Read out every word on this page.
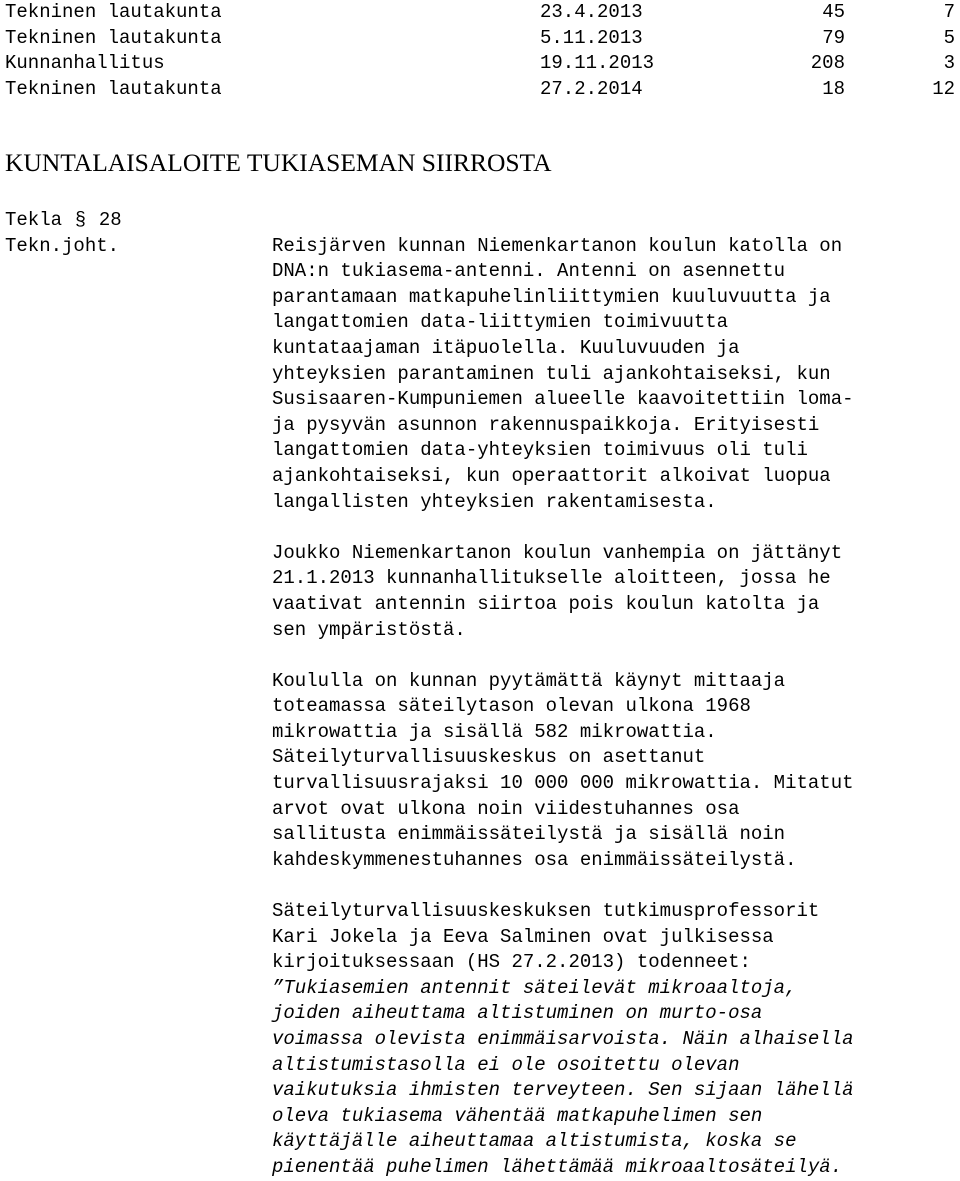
Tekninen lautakunta	23.4.2013	45	7
Tekninen lautakunta	5.11.2013	79	5
Kunnanhallitus	19.11.2013	208	3
Tekninen lautakunta	27.2.2014	18	12
KUNTALAISALOITE TUKIASEMAN SIIRROSTA
Tekla § 28
Tekn.joht.	Reisjärven kunnan Niemenkartanon koulun katolla on
DNA:n tukiasema-antenni. Antenni on asennettu
parantamaan matkapuhelinliittymien kuuluvuutta ja
langattomien data-liittymien toimivuutta
kuntataajaman itäpuolella. Kuuluvuuden ja
yhteyksien parantaminen tuli ajankohtaiseksi, kun
Susisaaren-Kumpuniemen alueelle kaavoitettiin loma-
ja pysyvän asunnon rakennuspaikkoja. Erityisesti
langattomien data-yhteyksien toimivuus oli tuli
ajankohtaiseksi, kun operaattorit alkoivat luopua
langallisten yhteyksien rakentamisesta.
Joukko Niemenkartanon koulun vanhempia on jättänyt
21.1.2013 kunnanhallitukselle aloitteen, jossa he
vaativat antennin siirtoa pois koulun katolta ja
sen ympäristöstä.
Koululla on kunnan pyytämättä käynyt mittaaja
toteamassa säteilytason olevan ulkona 1968
mikrowattia ja sisällä 582 mikrowattia.
Säteilyturvallisuuskeskus on asettanut
turvallisuusrajaksi 10 000 000 mikrowattia. Mitatut
arvot ovat ulkona noin viidestuhannes osa
sallitusta enimmäissäteilystä ja sisällä noin
kahdeskymmenestuhannes osa enimmäissäteilystä.
Säteilyturvallisuuskeskuksen tutkimusprofessorit
Kari Jokela ja Eeva Salminen ovat julkisessa
kirjoituksessaan (HS 27.2.2013) todenneet:
”Tukiasemien antennit säteilevät mikroaaltoja,
joiden aiheuttama altistuminen on murto-osa
voimassa olevista enimmäisarvoista. Näin alhaisella
altistumistasolla ei ole osoitettu olevan
vaikutuksia ihmisten terveyteen. Sen sijaan lähellä
oleva tukiasema vähentää matkapuhelimen sen
käyttäjälle aiheuttamaa altistumista, koska se
pienentää puhelimen lähettämää mikroaaltosäteilyä.
